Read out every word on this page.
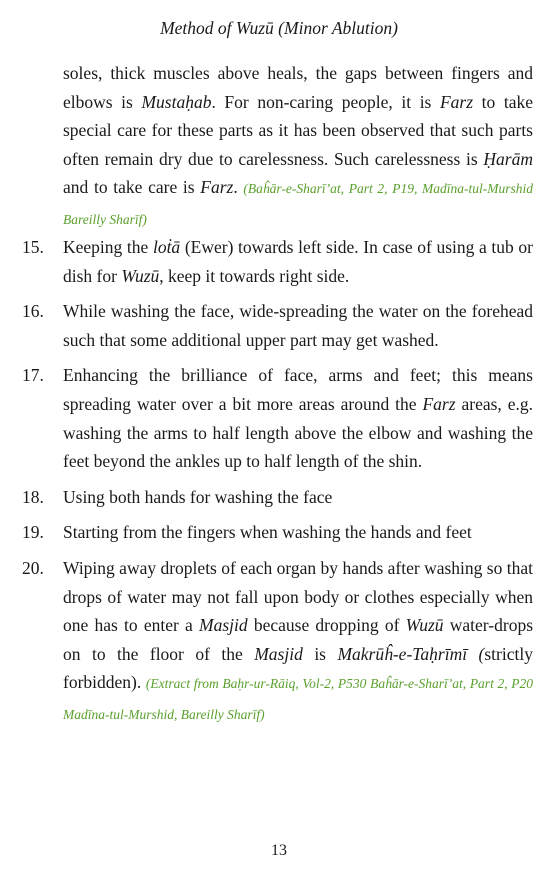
Method of Wuzū (Minor Ablution)

soles, thick muscles above heals, the gaps between fingers and elbows is Mustaḥab. For non-caring people, it is Farz to take special care for these parts as it has been observed that such parts often remain dry due to carelessness. Such carelessness is Ḥarām and to take care is Farz. (Baĥār-e-Sharī’at, Part 2, P19, Madīna-tul-Murshid Bareilly Sharīf)

15.	Keeping the loṫā (Ewer) towards left side. In case of using a tub or dish for Wuzū, keep it towards right side.
16.	While washing the face, wide-spreading the water on the forehead such that some additional upper part may get washed.
17.	Enhancing the brilliance of face, arms and feet; this means spreading water over a bit more areas around the Farz areas, e.g. washing the arms to half length above the elbow and washing the feet beyond the ankles up to half length of the shin.
18.	Using both hands for washing the face
19.	Starting from the fingers when washing the hands and feet
20.	Wiping away droplets of each organ by hands after washing so that drops of water may not fall upon body or clothes especially when one has to enter a Masjid because dropping of Wuzū water-drops on to the floor of the Masjid is Makrūĥ-e-Taḥrīmī (strictly forbidden). (Extract from Baḥr-ur-Rāiq, Vol-2, P530 Baĥār-e-Sharī’at, Part 2, P20 Madīna-tul-Murshid, Bareilly Sharīf)
13
